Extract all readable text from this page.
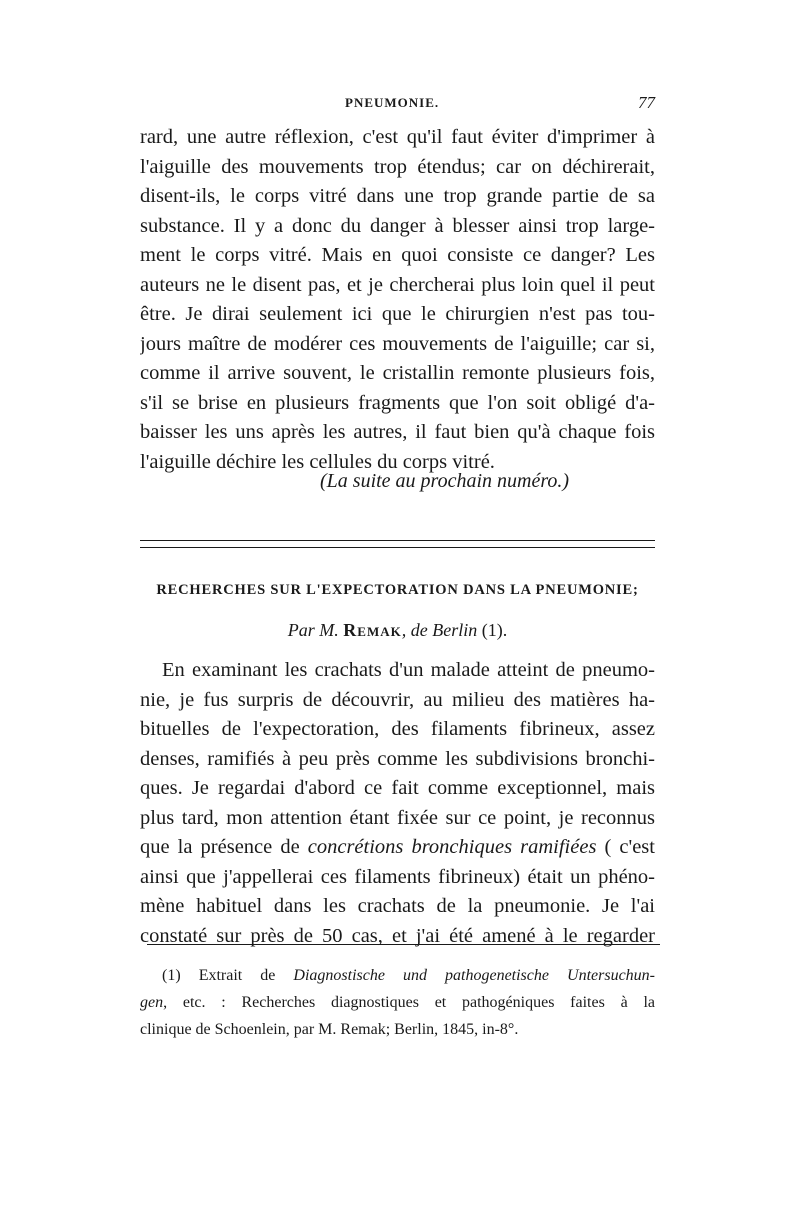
PNEUMONIE.	77
rard, une autre réflexion, c'est qu'il faut éviter d'imprimer à
l'aiguille des mouvements trop étendus; car on déchirerait,
disent-ils, le corps vitré dans une trop grande partie de sa
substance. Il y a donc du danger à blesser ainsi trop large-
ment le corps vitré. Mais en quoi consiste ce danger? Les
auteurs ne le disent pas, et je chercherai plus loin quel il peut
être. Je dirai seulement ici que le chirurgien n'est pas tou-
jours maître de modérer ces mouvements de l'aiguille; car si,
comme il arrive souvent, le cristallin remonte plusieurs fois,
s'il se brise en plusieurs fragments que l'on soit obligé d'a-
baisser les uns après les autres, il faut bien qu'à chaque fois
l'aiguille déchire les cellules du corps vitré.
(La suite au prochain numéro.)
RECHERCHES SUR L'EXPECTORATION DANS LA PNEUMONIE;
Par M. Remak, de Berlin (1).
En examinant les crachats d'un malade atteint de pneumo-
nie, je fus surpris de découvrir, au milieu des matières ha-
bituelles de l'expectoration, des filaments fibrineux, assez
denses, ramifiés à peu près comme les subdivisions bronchi-
ques. Je regardai d'abord ce fait comme exceptionnel, mais
plus tard, mon attention étant fixée sur ce point, je reconnus
que la présence de concrétions bronchiques ramifiées ( c'est
ainsi que j'appellerai ces filaments fibrineux) était un phéno-
mène habituel dans les crachats de la pneumonie. Je l'ai
constaté sur près de 50 cas, et j'ai été amené à le regarder
(1) Extrait de Diagnostische und pathogenetische Untersuchun-
gen, etc. : Recherches diagnostiques et pathogéniques faites à la
clinique de Schoenlein, par M. Remak; Berlin, 1845, in-8°.
